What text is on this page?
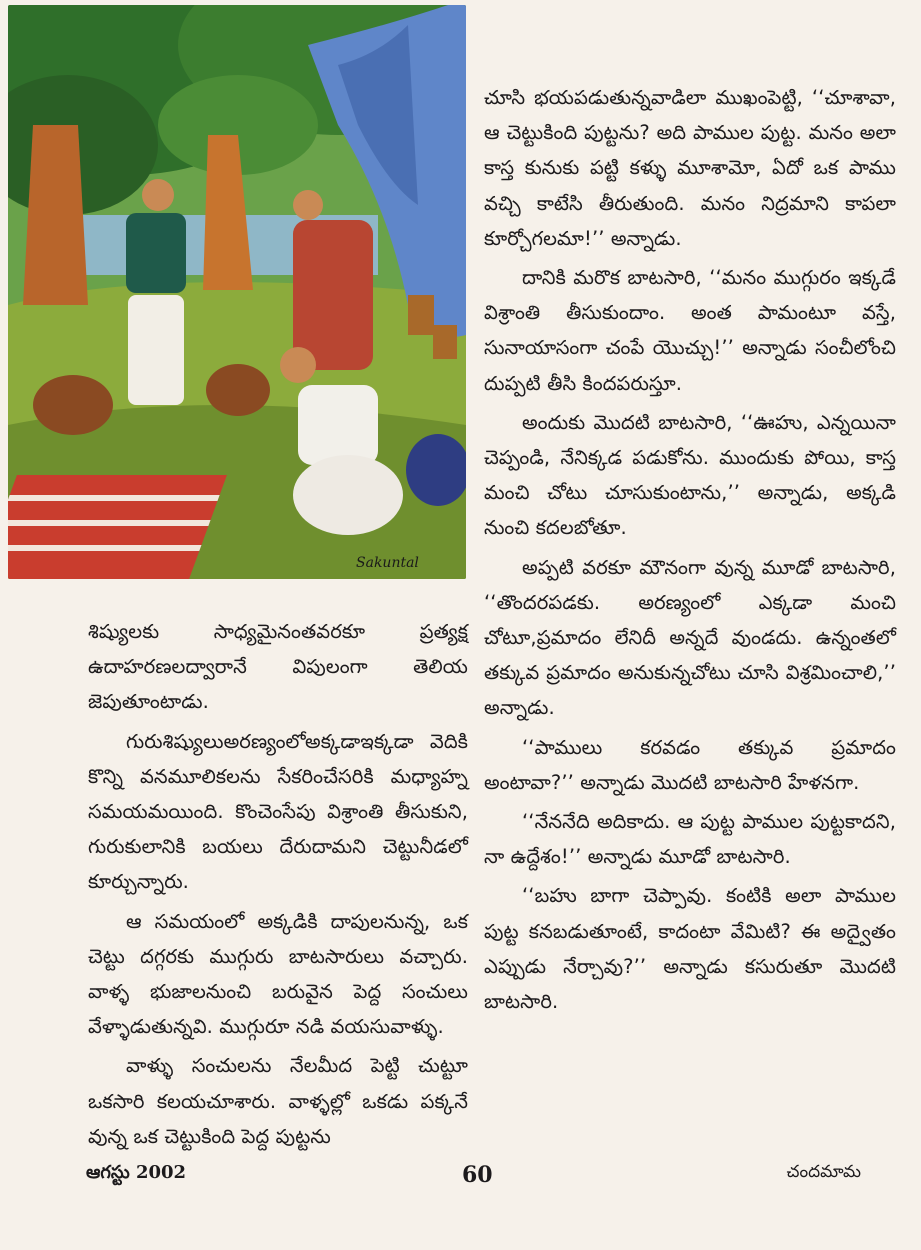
Sakuntal

శిష్యులకు సాధ్యమైనంతవరకూ ప్రత్యక్ష ఉదాహరణలద్వారానే విపులంగా తెలియ జెపుతూంటాడు.

గురుశిష్యులుఅరణ్యంలోఅక్కడాఇక్కడా వెదికి కొన్ని వనమూలికలను సేకరించేసరికి మధ్యాహ్న సమయమయింది. కొంచెంసేపు విశ్రాంతి తీసుకుని, గురుకులానికి బయలు దేరుదామని చెట్టునీడలో కూర్చున్నారు.

ఆ సమయంలో అక్కడికి దాపులనున్న, ఒక చెట్టు దగ్గరకు ముగ్గురు బాటసారులు వచ్చారు. వాళ్ళ భుజాలనుంచి బరువైన పెద్ద సంచులు వేళ్ళాడుతున్నవి. ముగ్గురూ నడి వయసువాళ్ళు.

వాళ్ళు సంచులను నేలమీద పెట్టి చుట్టూ ఒకసారి కలయచూశారు. వాళ్ళల్లో ఒకడు పక్కనే వున్న ఒక చెట్టుకింది పెద్ద పుట్టను

చూసి భయపడుతున్నవాడిలా ముఖంపెట్టి, ‘‘చూశావా, ఆ చెట్టుకింది పుట్టను? అది పాముల పుట్ట. మనం అలా కాస్త కునుకు పట్టి కళ్ళు మూశామో, ఏదో ఒక పాము వచ్చి కాటేసి తీరుతుంది. మనం నిద్రమాని కాపలా కూర్చోగలమా!’’ అన్నాడు.

దానికి మరొక బాటసారి, ‘‘మనం ముగ్గురం ఇక్కడే విశ్రాంతి తీసుకుందాం. అంత పామంటూ వస్తే, సునాయాసంగా చంపే యొచ్చు!’’ అన్నాడు సంచీలోంచి దుప్పటి తీసి కిందపరుస్తూ.

అందుకు మొదటి బాటసారి, ‘‘ఊహు, ఎన్నయినా చెప్పండి, నేనిక్కడ పడుకోను. ముందుకు పోయి, కాస్త మంచి చోటు చూసుకుంటాను,’’ అన్నాడు, అక్కడి నుంచి కదలబోతూ.

అప్పటి వరకూ మౌనంగా వున్న మూడో బాటసారి, ‘‘తొందరపడకు. అరణ్యంలో ఎక్కడా మంచి చోటూ,ప్రమాదం లేనిదీ అన్నదే వుండదు. ఉన్నంతలో తక్కువ ప్రమాదం అనుకున్నచోటు చూసి విశ్రమించాలి,’’ అన్నాడు.

‘‘పాములు కరవడం తక్కువ ప్రమాదం అంటావా?’’ అన్నాడు మొదటి బాటసారి హేళనగా.

‘‘నేననేది అదికాదు. ఆ పుట్ట పాముల పుట్టకాదని, నా ఉద్దేశం!’’ అన్నాడు మూడో బాటసారి.

‘‘బహు బాగా చెప్పావు. కంటికి అలా పాముల పుట్ట కనబడుతూంటే, కాదంటా వేమిటి? ఈ అద్వైతం ఎప్పుడు నేర్చావు?’’ అన్నాడు కసురుతూ మొదటి బాటసారి.

ఆగస్టు 2002	60	చందమామ
